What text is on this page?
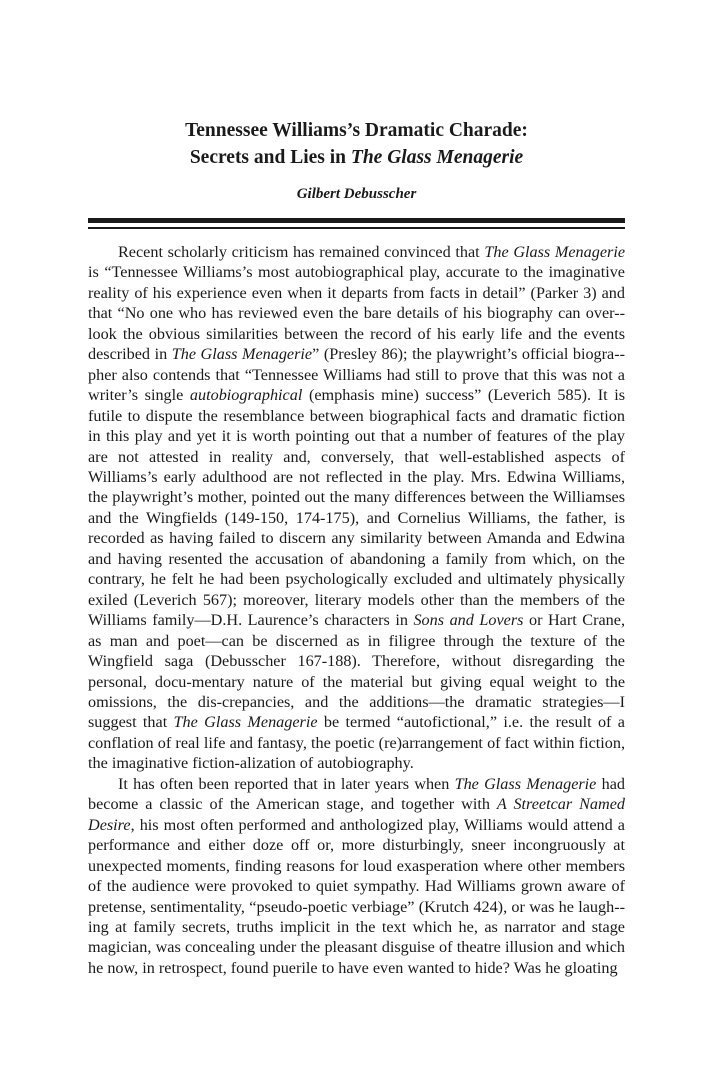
Tennessee Williams’s Dramatic Charade:
Secrets and Lies in The Glass Menagerie

Gilbert Debusscher

Recent scholarly criticism has remained convinced that The Glass Menagerie is “Tennessee Williams’s most autobiographical play, accurate to the imaginative reality of his experience even when it departs from facts in detail” (Parker 3) and that “No one who has reviewed even the bare details of his biography can over-look the obvious similarities between the record of his early life and the events described in The Glass Menagerie” (Presley 86); the playwright’s official biogra-pher also contends that “Tennessee Williams had still to prove that this was not a writer’s single autobiographical (emphasis mine) success” (Leverich 585). It is futile to dispute the resemblance between biographical facts and dramatic fiction in this play and yet it is worth pointing out that a number of features of the play are not attested in reality and, conversely, that well-established aspects of Williams’s early adulthood are not reflected in the play. Mrs. Edwina Williams, the playwright’s mother, pointed out the many differences between the Williamses and the Wingfields (149-150, 174-175), and Cornelius Williams, the father, is recorded as having failed to discern any similarity between Amanda and Edwina and having resented the accusation of abandoning a family from which, on the contrary, he felt he had been psychologically excluded and ultimately physically exiled (Leverich 567); moreover, literary models other than the members of the Williams family—D.H. Laurence’s characters in Sons and Lovers or Hart Crane, as man and poet—can be discerned as in filigree through the texture of the Wingfield saga (Debusscher 167-188). Therefore, without disregarding the personal, docu-mentary nature of the material but giving equal weight to the omissions, the dis-crepancies, and the additions—the dramatic strategies—I suggest that The Glass Menagerie be termed “autofictional,” i.e. the result of a conflation of real life and fantasy, the poetic (re)arrangement of fact within fiction, the imaginative fiction-alization of autobiography.

It has often been reported that in later years when The Glass Menagerie had become a classic of the American stage, and together with A Streetcar Named Desire, his most often performed and anthologized play, Williams would attend a performance and either doze off or, more disturbingly, sneer incongruously at unexpected moments, finding reasons for loud exasperation where other members of the audience were provoked to quiet sympathy. Had Williams grown aware of pretense, sentimentality, “pseudo-poetic verbiage” (Krutch 424), or was he laugh-ing at family secrets, truths implicit in the text which he, as narrator and stage magician, was concealing under the pleasant disguise of theatre illusion and which he now, in retrospect, found puerile to have even wanted to hide? Was he gloating
